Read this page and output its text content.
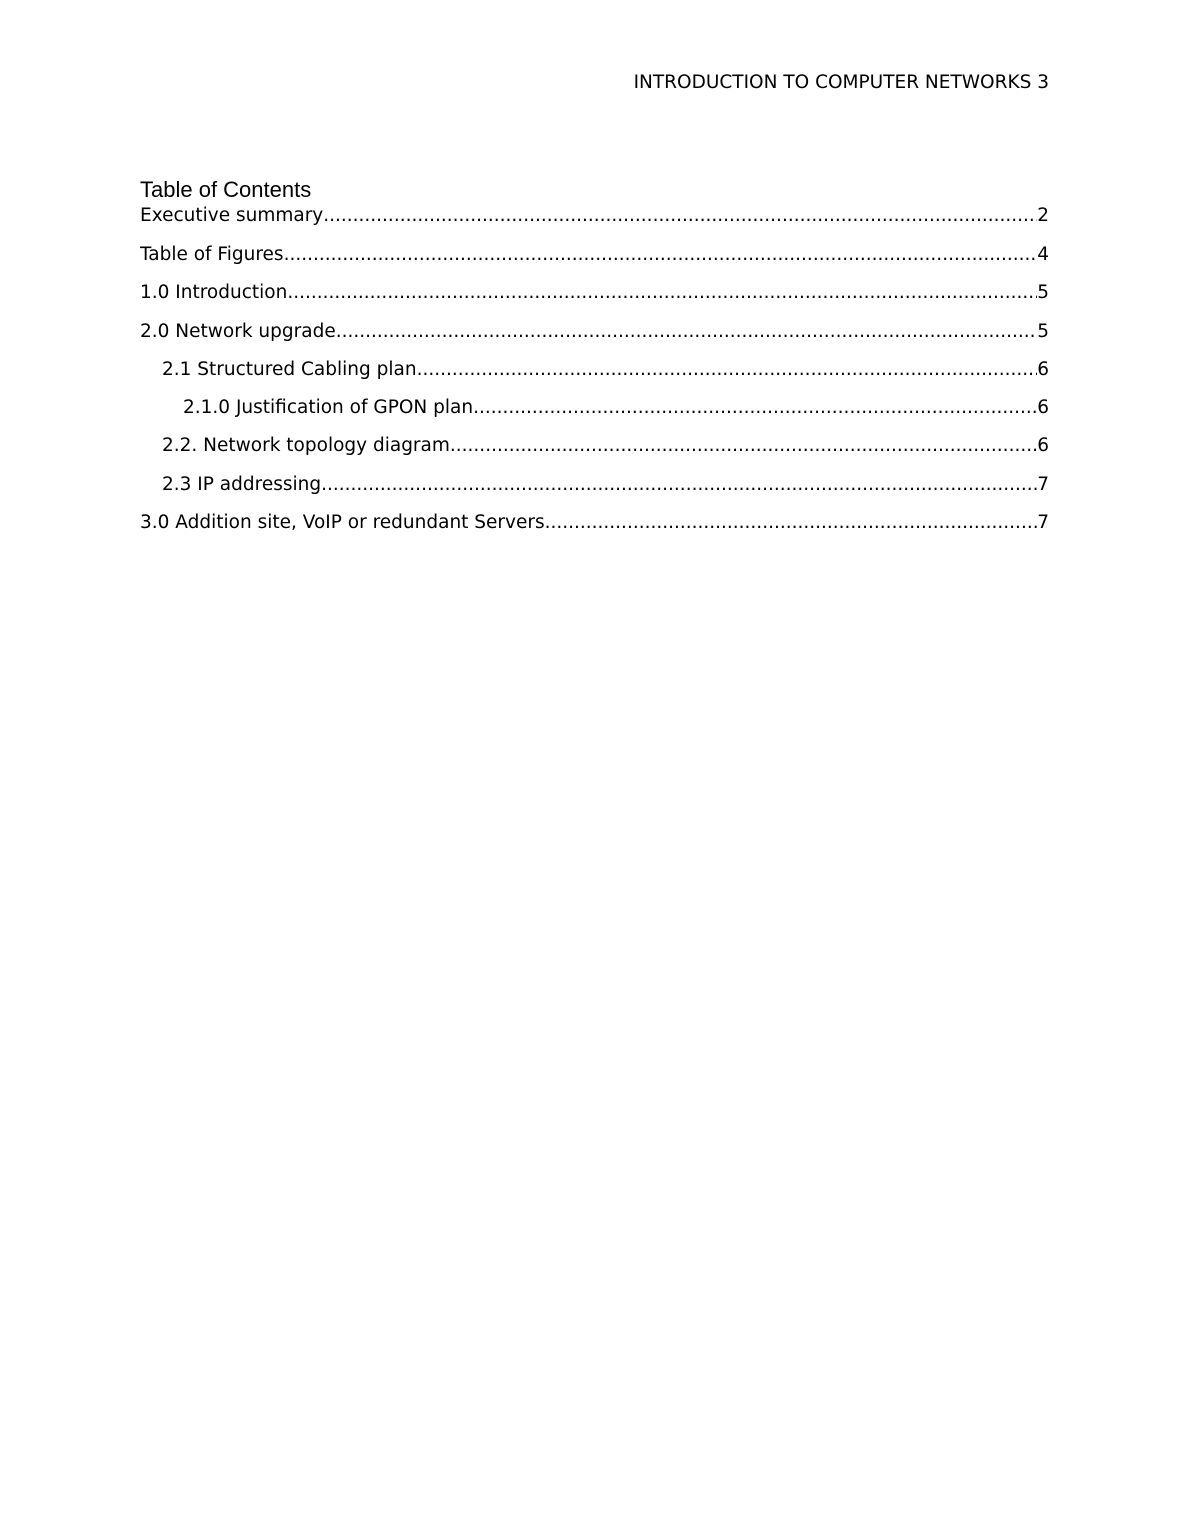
INTRODUCTION TO COMPUTER NETWORKS 3
Table of Contents
Executive summary .....	2
Table of Figures .....	4
1.0 Introduction .....	5
2.0 Network upgrade .....	5
2.1 Structured Cabling plan .....	6
2.1.0 Justification of GPON plan .....	6
2.2. Network topology diagram .....	6
2.3 IP addressing .....	7
3.0 Addition site, VoIP or redundant Servers .....	7
